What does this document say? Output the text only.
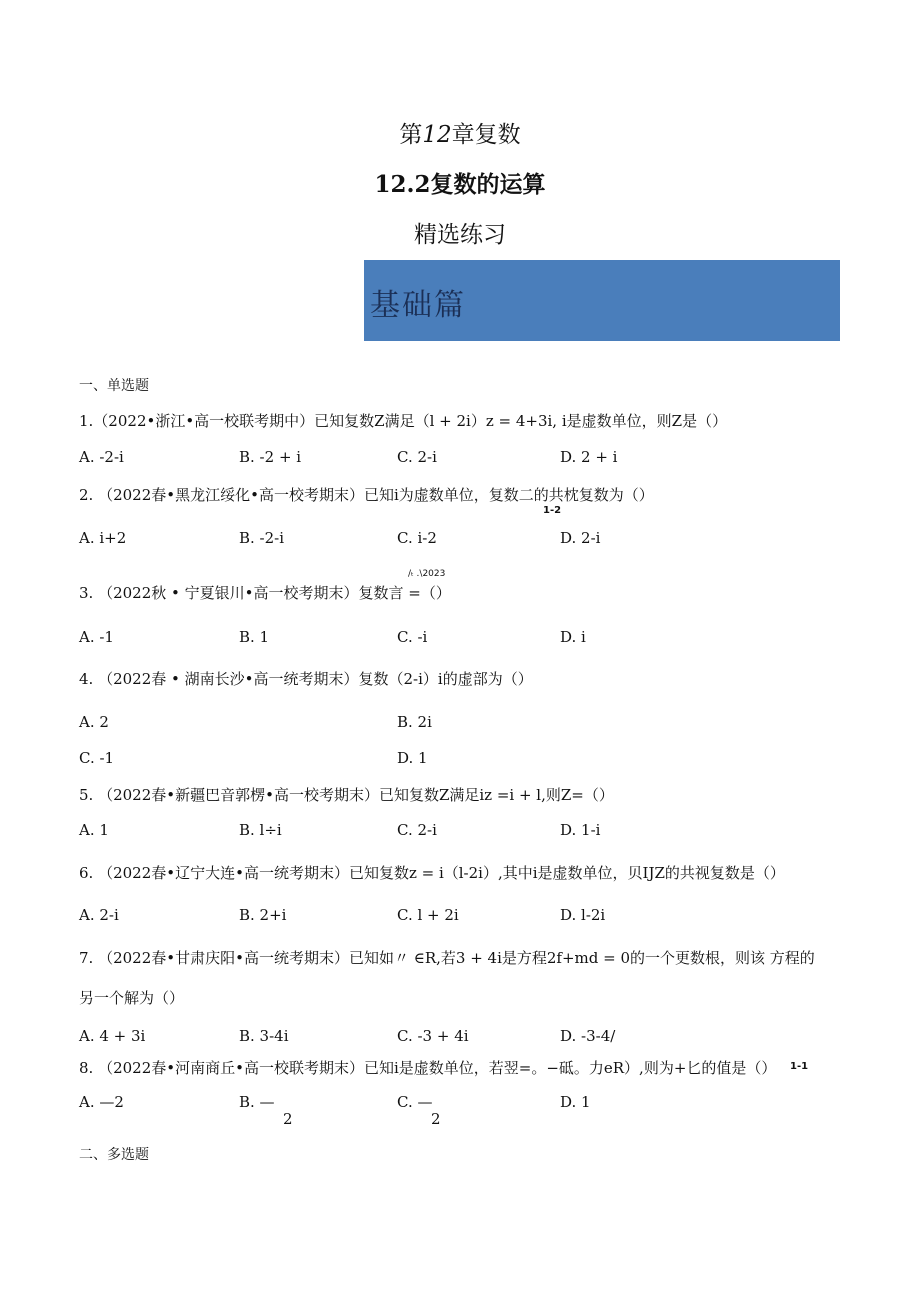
第12章复数
12.2复数的运算
精选练习
基础篇
一、单选题
1.（2022•浙江•高一校联考期中）已知复数Z满足（l + 2i）z = 4+3i, i是虚数单位，则Z是（）
A. -2-i	B. -2 + i	C. 2-i	D. 2 + i
2. （2022春•黑龙江绥化•高一校考期末）已知i为虚数单位，复数二的共枕复数为（）
1-2
A. i+2	B. -2-i	C. i-2	D. 2-i
/ₜ .\2023
3. （2022秋 • 宁夏银川•高一校考期末）复数言 =（）
A. -1	B. 1	C. -i	D. i
4. （2022春 • 湖南长沙•高一统考期末）复数（2-i）i的虚部为（）
A. 2	B. 2i
C. -1	D. 1
5. （2022春•新疆巴音郭楞•高一校考期末）已知复数Z满足iz =i + l,则Z=（）
A. 1	B. l÷i	C. 2-i	D. 1-i
6. （2022春•辽宁大连•高一统考期末）已知复数z = i（l-2i）,其中i是虚数单位，贝IJZ的共视复数是（）
A. 2-i	B. 2+i	C. l + 2i	D. l-2i
7. （2022春•甘肃庆阳•高一统考期末）已知如〃 ∈R,若3 + 4i是方程2f+md = 0的一个更数根，则该 方程的
另一个解为（）
A. 4 + 3i	B. 3-4i	C. -3 + 4i	D. -3-4/
8. （2022春•河南商丘•高一校联考期末）已知i是虚数单位，若翌=。−砥。力eR）,则为+匕的值是（） 1-1
A. —2	B. —
2
C. —
2
D. 1
二、多选题
